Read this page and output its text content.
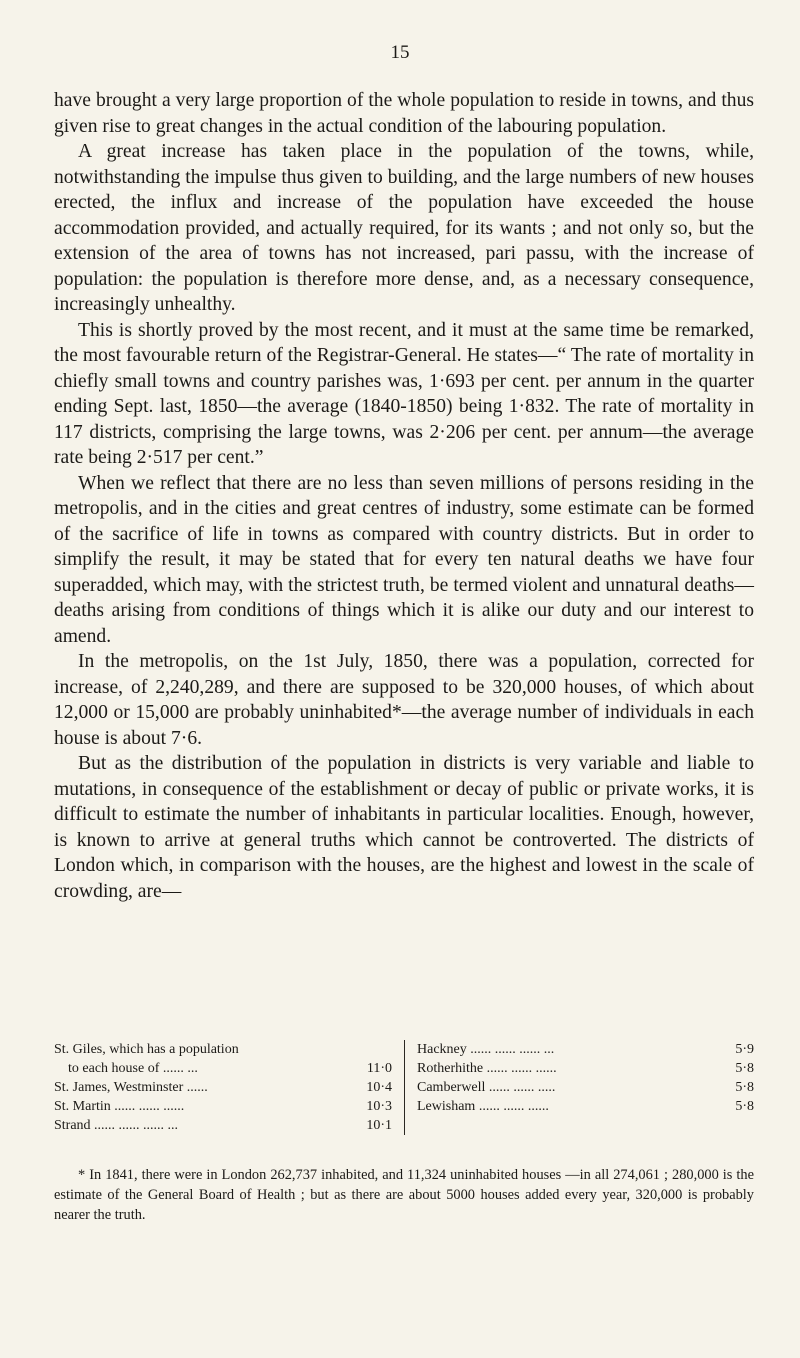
15

have brought a very large proportion of the whole population to reside in towns, and thus given rise to great changes in the actual condition of the labouring population.

A great increase has taken place in the population of the towns, while, notwithstanding the impulse thus given to building, and the large numbers of new houses erected, the influx and increase of the population have exceeded the house accommodation provided, and actually required, for its wants ; and not only so, but the extension of the area of towns has not increased, pari passu, with the increase of population: the population is therefore more dense, and, as a necessary consequence, increasingly unhealthy.

This is shortly proved by the most recent, and it must at the same time be remarked, the most favourable return of the Registrar-General. He states—“ The rate of mortality in chiefly small towns and country parishes was, 1·693 per cent. per annum in the quarter ending Sept. last, 1850—the average (1840-1850) being 1·832. The rate of mortality in 117 districts, comprising the large towns, was 2·206 per cent. per annum—the average rate being 2·517 per cent.”

When we reflect that there are no less than seven millions of persons residing in the metropolis, and in the cities and great centres of industry, some estimate can be formed of the sacrifice of life in towns as compared with country districts. But in order to simplify the result, it may be stated that for every ten natural deaths we have four superadded, which may, with the strictest truth, be termed violent and unnatural deaths—deaths arising from conditions of things which it is alike our duty and our interest to amend.

In the metropolis, on the 1st July, 1850, there was a population, corrected for increase, of 2,240,289, and there are supposed to be 320,000 houses, of which about 12,000 or 15,000 are probably uninhabited*—the average number of individuals in each house is about 7·6.

But as the distribution of the population in districts is very variable and liable to mutations, in consequence of the establishment or decay of public or private works, it is difficult to estimate the number of inhabitants in particular localities. Enough, however, is known to arrive at general truths which cannot be controverted. The districts of London which, in comparison with the houses, are the highest and lowest in the scale of crowding, are—

St. Giles, which has a population
to each house of ...... ...	11·0
St. James, Westminster ......	10·4
St. Martin ...... ...... ......	10·3
Strand ...... ...... ...... ...	10·1
Hackney ...... ...... ...... ...	5·9
Rotherhithe ...... ...... ......	5·8
Camberwell ...... ...... .....	5·8
Lewisham ...... ...... ......	5·8

* In 1841, there were in London 262,737 inhabited, and 11,324 uninhabited houses —in all 274,061 ; 280,000 is the estimate of the General Board of Health ; but as there are about 5000 houses added every year, 320,000 is probably nearer the truth.
